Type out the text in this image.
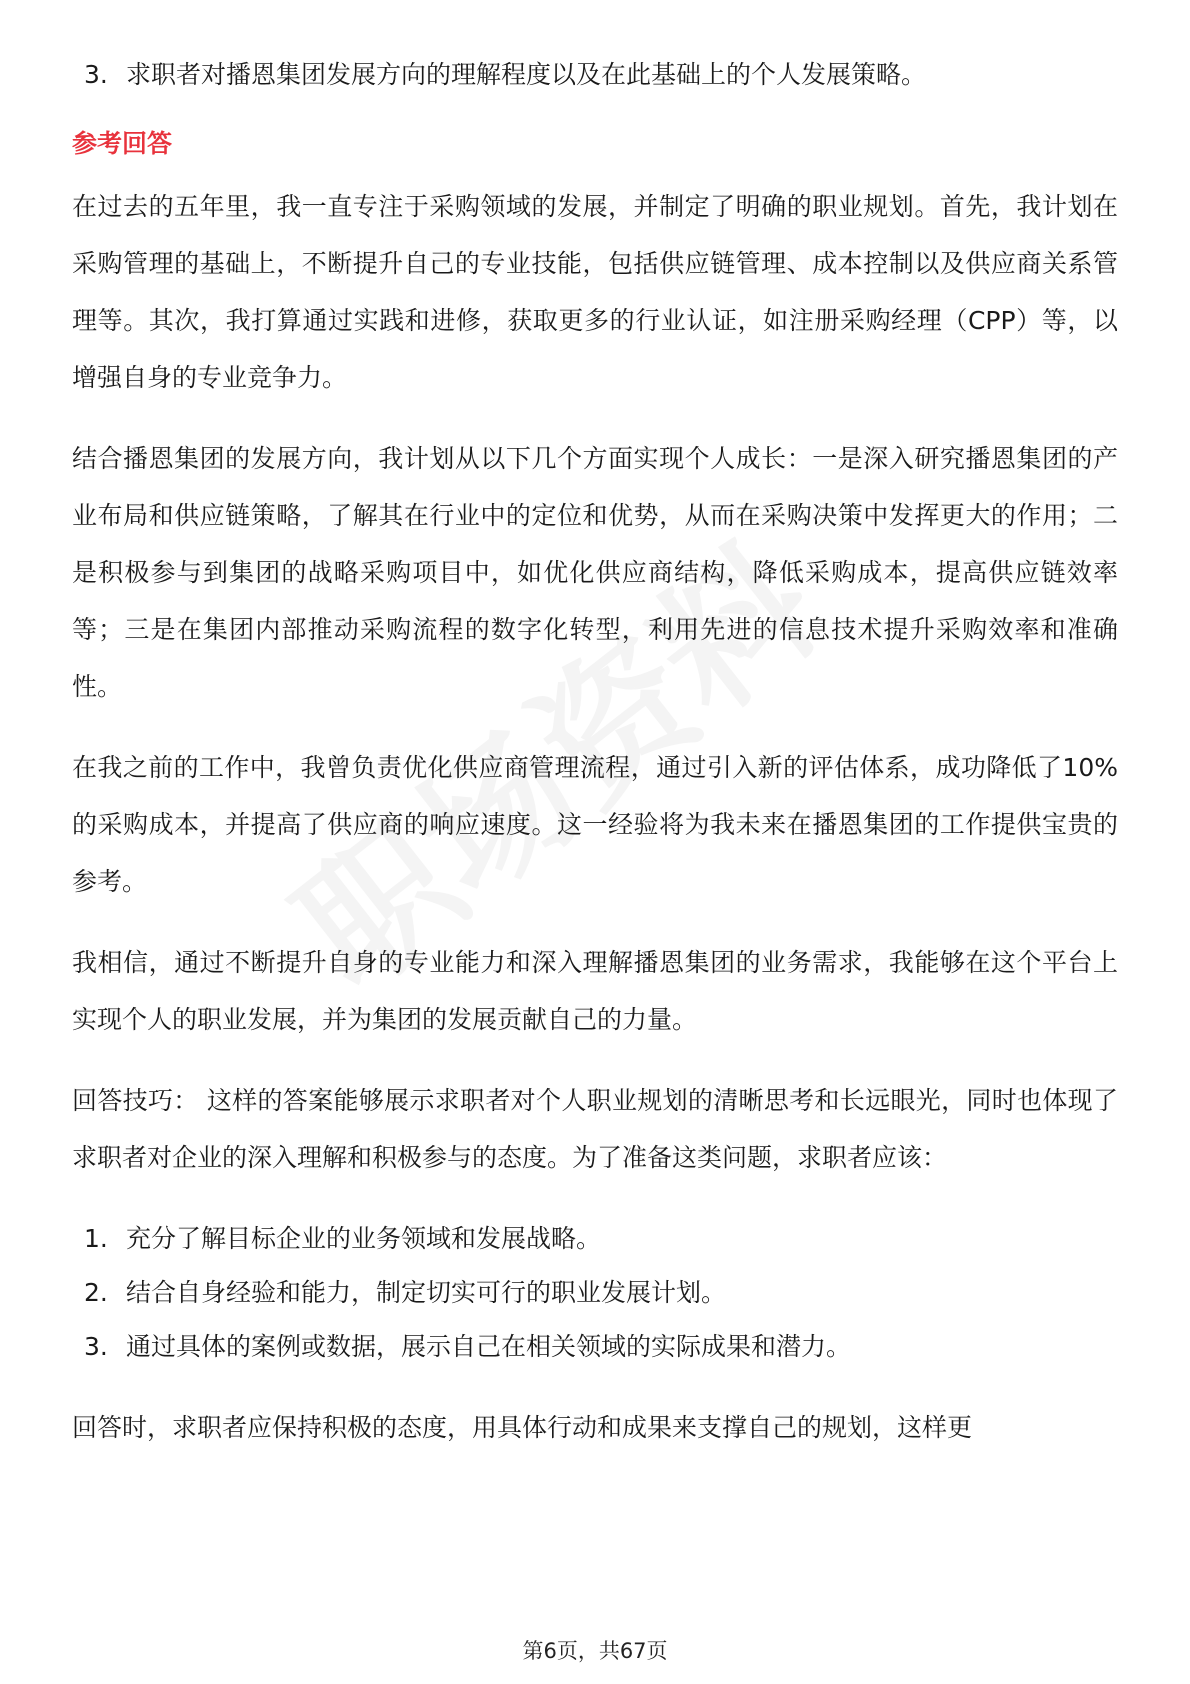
3. 求职者对播恩集团发展方向的理解程度以及在此基础上的个人发展策略。
参考回答

在过去的五年里，我一直专注于采购领域的发展，并制定了明确的职业规划。首先，我计划在采购管理的基础上，不断提升自己的专业技能，包括供应链管理、成本控制以及供应商关系管理等。其次，我打算通过实践和进修，获取更多的行业认证，如注册采购经理（CPP）等，以增强自身的专业竞争力。

结合播恩集团的发展方向，我计划从以下几个方面实现个人成长：一是深入研究播恩集团的产业布局和供应链策略，了解其在行业中的定位和优势，从而在采购决策中发挥更大的作用；二是积极参与到集团的战略采购项目中，如优化供应商结构，降低采购成本，提高供应链效率等；三是在集团内部推动采购流程的数字化转型，利用先进的信息技术提升采购效率和准确性。

在我之前的工作中，我曾负责优化供应商管理流程，通过引入新的评估体系，成功降低了10%的采购成本，并提高了供应商的响应速度。这一经验将为我未来在播恩集团的工作提供宝贵的参考。

我相信，通过不断提升自身的专业能力和深入理解播恩集团的业务需求，我能够在这个平台上实现个人的职业发展，并为集团的发展贡献自己的力量。

回答技巧： 这样的答案能够展示求职者对个人职业规划的清晰思考和长远眼光，同时也体现了求职者对企业的深入理解和积极参与的态度。为了准备这类问题，求职者应该：

1. 充分了解目标企业的业务领域和发展战略。
2. 结合自身经验和能力，制定切实可行的职业发展计划。
3. 通过具体的案例或数据，展示自己在相关领域的实际成果和潜力。

回答时，求职者应保持积极的态度，用具体行动和成果来支撑自己的规划，这样更

第6页，共67页
